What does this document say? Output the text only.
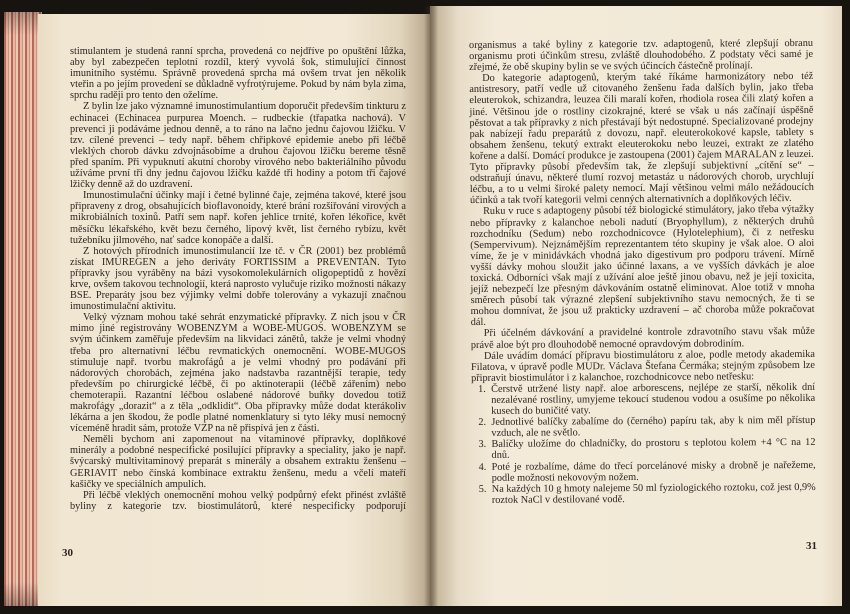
stimulantem je studená ranní sprcha, provedená co nejdříve po opuštění lůžka, aby byl zabezpečen teplotní rozdíl, který vyvolá šok, stimulující činnost imunitního systému. Správně provedená sprcha má ovšem trvat jen několik vteřin a po jejím provedení se důkladně vyfrotýrujeme. Pokud by nám byla zima, sprchu raději pro tento den oželíme.

Z bylin lze jako významné imunostimulantium doporučit především tinkturu z echinacei (Echinacea purpurea Moench. – rudbeckie (třapatka nachová). V prevenci ji podáváme jednou denně, a to ráno na lačno jednu čajovou lžičku. V tzv. cílené prevenci – tedy např. během chřipkové epidemie anebo při léčbě vleklých chorob dávku zdvojnásobíme a druhou čajovou lžičku bereme těsně před spaním. Při vypuknutí akutní choroby virového nebo bakteriálního původu užíváme první tři dny jednu čajovou lžičku každé tři hodiny a potom tři čajové lžičky denně až do uzdravení.

Imunostimulační účinky mají i četné bylinné čaje, zejména takové, které jsou připraveny z drog, obsahujících bioflavonoidy, které brání rozšiřování virových a mikrobiálních toxinů. Patří sem např. kořen jehlice trnité, kořen lékořice, květ měsíčku lékařského, květ bezu černého, lipový květ, list černého rybízu, květ tužebníku jilmového, nať sadce konopáče a další.

Z hotových přírodních imunostimulancií lze tč. v ČR (2001) bez problémů získat IMUREGEN a jeho deriváty FORTISSIM a PREVENTAN. Tyto přípravky jsou vyráběny na bázi vysokomolekulárních oligopeptidů z hovězí krve, ovšem takovou technologií, která naprosto vylučuje riziko možnosti nákazy BSE. Preparáty jsou bez výjimky velmi dobře tolerovány a vykazují značnou imunostimulační aktivitu.

Velký význam mohou také sehrát enzymatické přípravky. Z nich jsou v ČR mimo jiné registrovány WOBENZYM a WOBE-MUGOS. WOBENZYM se svým účinkem zaměřuje především na likvidaci zánětů, takže je velmi vhodný třeba pro alternativní léčbu revmatických onemocnění. WOBE-MUGOS stimuluje např. tvorbu makrofágů a je velmi vhodný pro podávání při nádorových chorobách, zejména jako nadstavba razantnější terapie, tedy především po chirurgické léčbě, či po aktinoterapii (léčbě zářením) nebo chemoterapii. Razantní léčbou oslabené nádorové buňky dovedou totiž makrofágy „dorazit“ a z těla „odklidit“. Oba přípravky může dodat kterákoliv lékárna a jen škodou, že podle platné nomenklatury si tyto léky musí nemocný víceméně hradit sám, protože VZP na ně přispívá jen z části.

Neměli bychom ani zapomenout na vitaminové přípravky, doplňkové minerály a podobné nespecifické posilující přípravky a speciality, jako je např. švýcarský multivitaminový preparát s minerály a obsahem extraktu ženšenu – GERIAVIT nebo čínská kombinace extraktu ženšenu, medu a včelí mateří kašičky ve speciálních ampulích.

Při léčbě vleklých onemocnění mohou velký podpůrný efekt přinést zvláště byliny z kategorie tzv. biostimulátorů, které nespecificky podporují

30

organismus a také byliny z kategorie tzv. adaptogenů, které zlepšují obranu organismu proti účinkům stresu, zvláště dlouhodobého. Z podstaty věci samé je zřejmé, že obě skupiny bylin se ve svých účincích částečně prolínají.

Do kategorie adaptogenů, kterým také říkáme harmonizátory nebo též antistresory, patří vedle už citovaného ženšenu řada dalších bylin, jako třeba eleuterokok, schizandra, leuzea čili maralí kořen, rhodiola rosea čili zlatý kořen a jiné. Většinou jde o rostliny cizokrajné, které se však u nás začínají úspěšně pěstovat a tak přípravky z nich přestávají být nedostupné. Specializované prodejny pak nabízejí řadu preparátů z dovozu, např. eleuterokokové kapsle, tablety s obsahem ženšenu, tekutý extrakt eleuterokoku nebo leuzei, extrakt ze zlatého kořene a další. Domácí produkce je zastoupena (2001) čajem MARALAN z leuzei. Tyto přípravky působí především tak, že zlepšují subjektivní „cítění se“ – odstraňují únavu, některé tlumí rozvoj metastáz u nádorových chorob, urychlují léčbu, a to u velmi široké palety nemocí. Mají většinou velmi málo nežádoucích účinků a tak tvoří kategorii velmi cenných alternativních a doplňkových léčiv.

Ruku v ruce s adaptogeny působí též biologické stimulátory, jako třeba výtažky nebo přípravky z kalanchoe neboli nadutí (Bryophyllum), z některých druhů rozchodníku (Sedum) nebo rozchodnicovce (Hylotelephium), či z netřesku (Sempervivum). Nejznámějším reprezentantem této skupiny je však aloe. O aloi víme, že je v minidávkách vhodná jako digestivum pro podporu trávení. Mírně vyšší dávky mohou sloužit jako účinné laxans, a ve vyšších dávkách je aloe toxická. Odborníci však mají z užívání aloe ještě jinou obavu, než je její toxicita, jejíž nebezpečí lze přesným dávkováním ostatně eliminovat. Aloe totiž v mnoha směrech působí tak výrazné zlepšení subjektivního stavu nemocných, že ti se mohou domnívat, že jsou už prakticky uzdravení – ač choroba může pokračovat dál.

Při účelném dávkování a pravidelné kontrole zdravotního stavu však může právě aloe být pro dlouhodobě nemocné opravdovým dobrodiním.

Dále uvádím domácí přípravu biostimulátoru z aloe, podle metody akademika Filatova, v úpravě podle MUDr. Václava Štefana Čermáka; stejným způsobem lze připravit biostimulátor i z kalanchoe, rozchodnicovce nebo netřesku:

1. Čerstvě utržené listy např. aloe arborescens, nejlépe ze starší, několik dní nezalévané rostliny, umyjeme tekoucí studenou vodou a osušíme po několika kusech do buničité vaty.
2. Jednotlivé balíčky zabalíme do (černého) papíru tak, aby k nim měl přístup vzduch, ale ne světlo.
3. Balíčky uložíme do chladničky, do prostoru s teplotou kolem +4 °C na 12 dnů.
4. Poté je rozbalíme, dáme do třecí porcelánové misky a drobně je nařežeme, podle možnosti nekovovým nožem.
5. Na každých 10 g hmoty nalejeme 50 ml fyziologického roztoku, což jest 0,9% roztok NaCl v destilované vodě.
31
